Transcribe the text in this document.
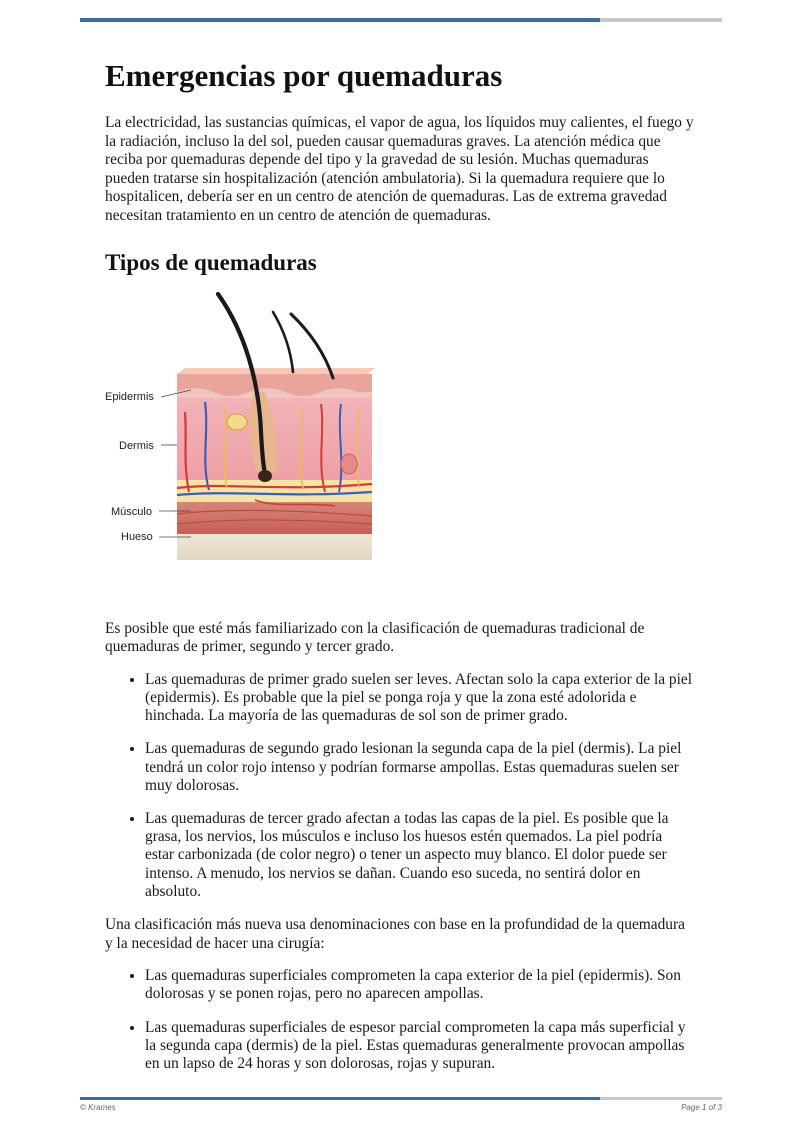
Emergencias por quemaduras

La electricidad, las sustancias químicas, el vapor de agua, los líquidos muy calientes, el fuego y la radiación, incluso la del sol, pueden causar quemaduras graves. La atención médica que reciba por quemaduras depende del tipo y la gravedad de su lesión. Muchas quemaduras pueden tratarse sin hospitalización (atención ambulatoria). Si la quemadura requiere que lo hospitalicen, debería ser en un centro de atención de quemaduras. Las de extrema gravedad necesitan tratamiento en un centro de atención de quemaduras.

Tipos de quemaduras
Epidermis
Dermis
Músculo
Hueso

Es posible que esté más familiarizado con la clasificación de quemaduras tradicional de quemaduras de primer, segundo y tercer grado.

• Las quemaduras de primer grado suelen ser leves. Afectan solo la capa exterior de la piel (epidermis). Es probable que la piel se ponga roja y que la zona esté adolorida e hinchada. La mayoría de las quemaduras de sol son de primer grado.
• Las quemaduras de segundo grado lesionan la segunda capa de la piel (dermis). La piel tendrá un color rojo intenso y podrían formarse ampollas. Estas quemaduras suelen ser muy dolorosas.
• Las quemaduras de tercer grado afectan a todas las capas de la piel. Es posible que la grasa, los nervios, los músculos e incluso los huesos estén quemados. La piel podría estar carbonizada (de color negro) o tener un aspecto muy blanco. El dolor puede ser intenso. A menudo, los nervios se dañan. Cuando eso suceda, no sentirá dolor en absoluto.

Una clasificación más nueva usa denominaciones con base en la profundidad de la quemadura y la necesidad de hacer una cirugía:

• Las quemaduras superficiales comprometen la capa exterior de la piel (epidermis). Son dolorosas y se ponen rojas, pero no aparecen ampollas.
• Las quemaduras superficiales de espesor parcial comprometen la capa más superficial y la segunda capa (dermis) de la piel. Estas quemaduras generalmente provocan ampollas en un lapso de 24 horas y son dolorosas, rojas y supuran.
© Krames	Page 1 of 3
